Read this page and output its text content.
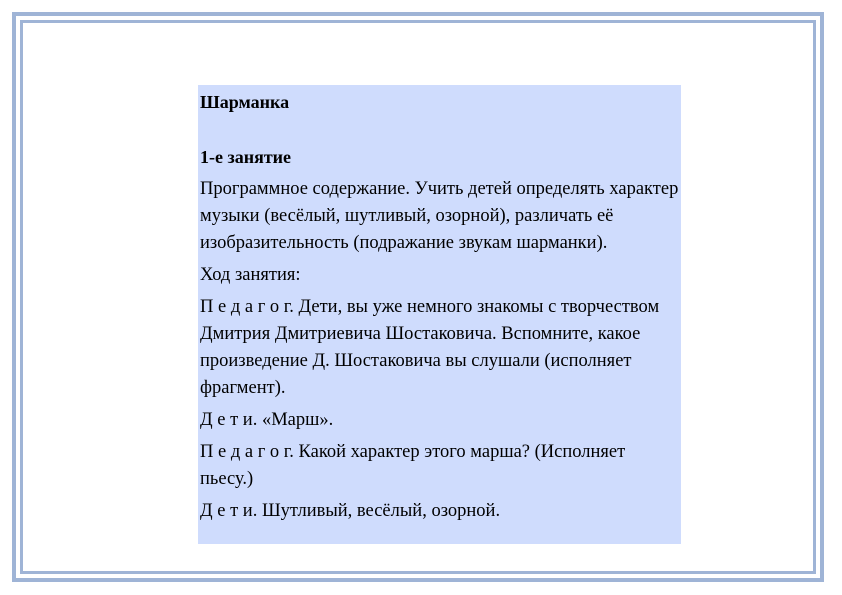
Шарманка

1-е занятие

Программное содержание. Учить детей определять характер музыки (весёлый, шутливый, озорной), различать её изобразительность (подражание звукам шарманки).

Ход занятия:

П е д а г о г. Дети, вы уже немного знакомы с творчеством Дмитрия Дмитриевича Шостаковича. Вспомните, какое произведение Д. Шостаковича вы слушали (исполняет фрагмент).

Д е т и. «Марш».

П е д а г о г. Какой характер этого марша? (Исполняет пьесу.)

Д е т и. Шутливый, весёлый, озорной.
